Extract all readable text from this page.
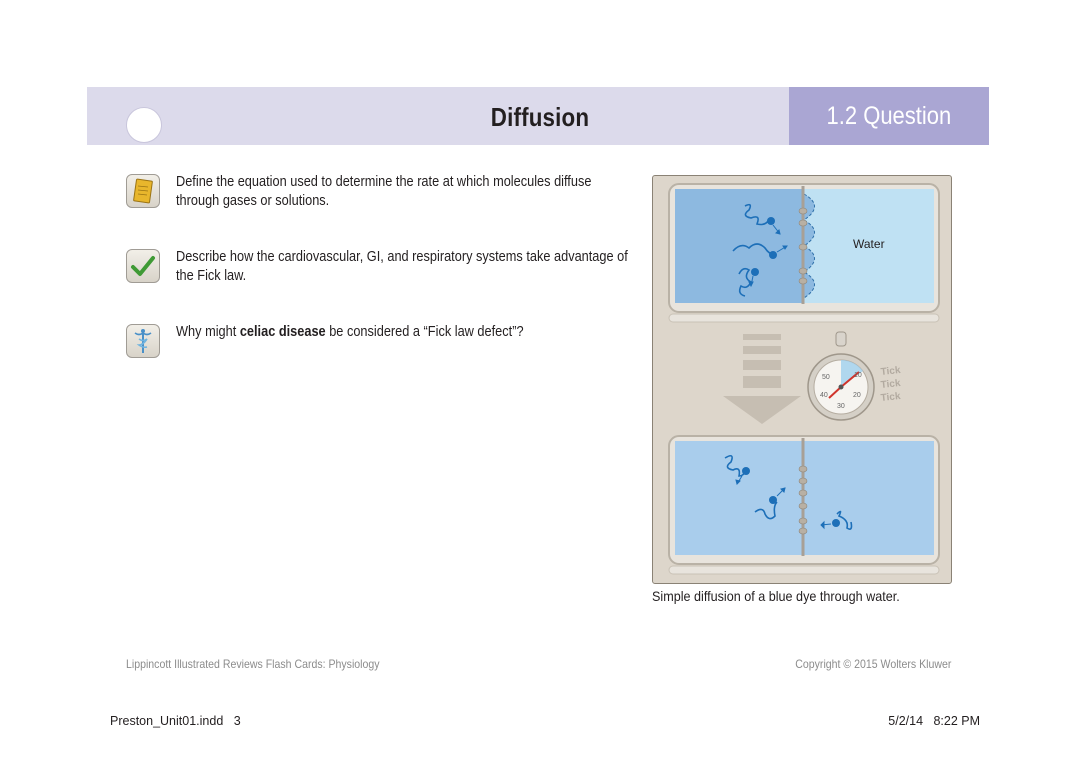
Diffusion	1.2 Question
Define the equation used to determine the rate at which molecules diffuse through gases or solutions.
Describe how the cardiovascular, GI, and respiratory systems take advantage of the Fick law.
Why might celiac disease be considered a “Fick law defect”?
Water
50
40
30
20
10 Tick
Tick
Tick
Simple diffusion of a blue dye through water.
Lippincott Illustrated Reviews Flash Cards: Physiology	Copyright © 2015 Wolters Kluwer
Preston_Unit01.indd   3	5/2/14   8:22 PM
